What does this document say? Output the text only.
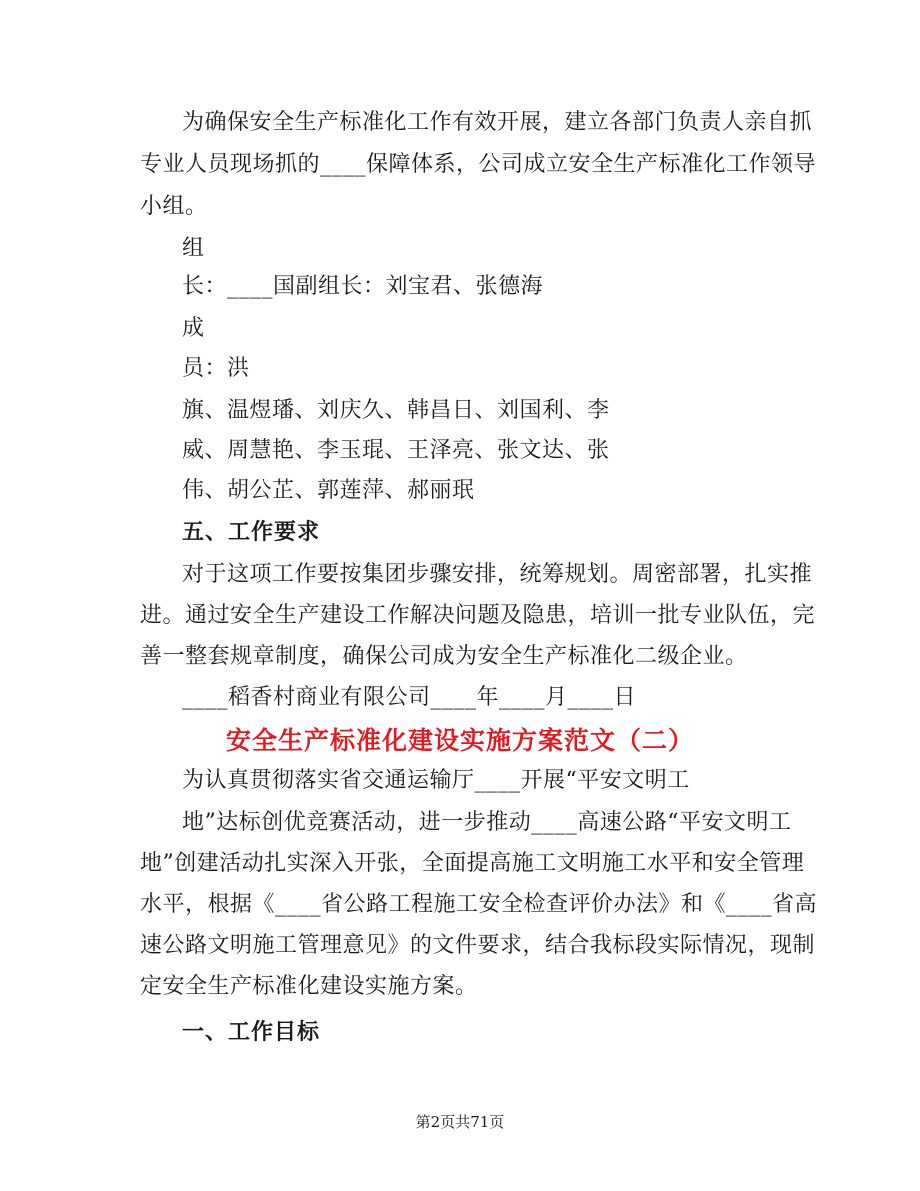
为确保安全生产标准化工作有效开展，建立各部门负责人亲自抓
专业人员现场抓的____保障体系，公司成立安全生产标准化工作领导
小组。
组
长：____国副组长：刘宝君、张德海
成
员：洪
旗、温煜璠、刘庆久、韩昌日、刘国利、李
威、周慧艳、李玉琨、王泽亮、张文达、张
伟、胡公芷、郭莲萍、郝丽珉
五、工作要求
对于这项工作要按集团步骤安排，统筹规划。周密部署，扎实推
进。通过安全生产建设工作解决问题及隐患，培训一批专业队伍，完
善一整套规章制度，确保公司成为安全生产标准化二级企业。
____稻香村商业有限公司____年____月____日
安全生产标准化建设实施方案范文（二）
为认真贯彻落实省交通运输厅____开展“平安文明工
地”达标创优竞赛活动，进一步推动____高速公路“平安文明工
地”创建活动扎实深入开张，全面提高施工文明施工水平和安全管理
水平，根据《____省公路工程施工安全检查评价办法》和《____省高
速公路文明施工管理意见》的文件要求，结合我标段实际情况，现制
定安全生产标准化建设实施方案。
一、工作目标
第2页共71页
